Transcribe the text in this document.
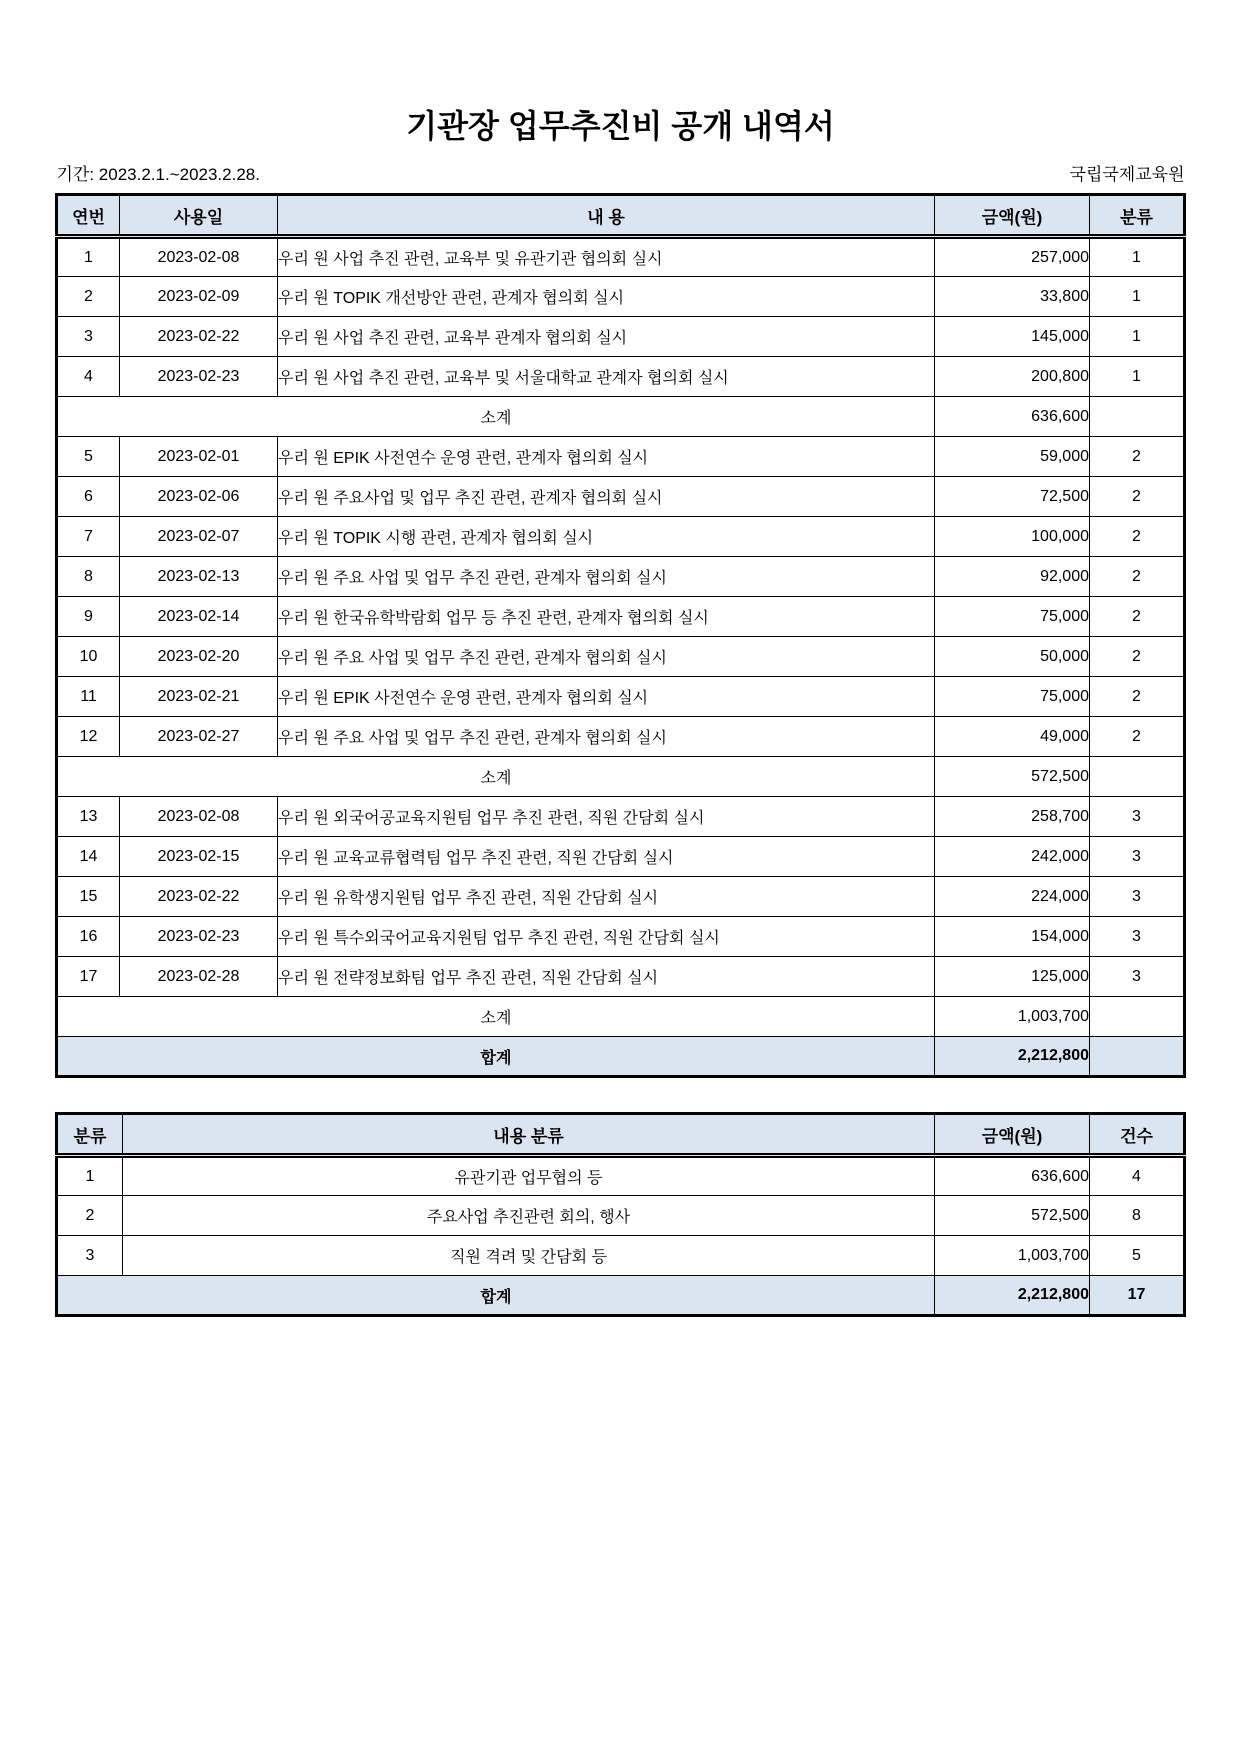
기관장 업무추진비 공개 내역서
기간: 2023.2.1.~2023.2.28.	국립국제교육원
연번	사용일	내 용	금액(원)	분류
1	2023-02-08	우리 원 사업 추진 관련, 교육부 및 유관기관 협의회 실시	257,000	1
2	2023-02-09	우리 원 TOPIK 개선방안 관련, 관계자 협의회 실시	33,800	1
3	2023-02-22	우리 원 사업 추진 관련, 교육부 관계자 협의회 실시	145,000	1
4	2023-02-23	우리 원 사업 추진 관련, 교육부 및 서울대학교 관계자 협의회 실시	200,800	1
소계			636,600	
5	2023-02-01	우리 원 EPIK 사전연수 운영 관련, 관계자 협의회 실시	59,000	2
6	2023-02-06	우리 원 주요사업 및 업무 추진 관련, 관계자 협의회 실시	72,500	2
7	2023-02-07	우리 원 TOPIK 시행 관련, 관계자 협의회 실시	100,000	2
8	2023-02-13	우리 원 주요 사업 및 업무 추진 관련, 관계자 협의회 실시	92,000	2
9	2023-02-14	우리 원 한국유학박람회 업무 등 추진 관련, 관계자 협의회 실시	75,000	2
10	2023-02-20	우리 원 주요 사업 및 업무 추진 관련, 관계자 협의회 실시	50,000	2
11	2023-02-21	우리 원 EPIK 사전연수 운영 관련, 관계자 협의회 실시	75,000	2
12	2023-02-27	우리 원 주요 사업 및 업무 추진 관련, 관계자 협의회 실시	49,000	2
소계			572,500	
13	2023-02-08	우리 원 외국어공교육지원팀 업무 추진 관련, 직원 간담회 실시	258,700	3
14	2023-02-15	우리 원 교육교류협력팀 업무 추진 관련, 직원 간담회 실시	242,000	3
15	2023-02-22	우리 원 유학생지원팀 업무 추진 관련, 직원 간담회 실시	224,000	3
16	2023-02-23	우리 원 특수외국어교육지원팀 업무 추진 관련, 직원 간담회 실시	154,000	3
17	2023-02-28	우리 원 전략정보화팀 업무 추진 관련, 직원 간담회 실시	125,000	3
소계			1,003,700	
합계			2,212,800	
분류	내용 분류	금액(원)	건수
1	유관기관 업무협의 등	636,600	4
2	주요사업 추진관련 회의, 행사	572,500	8
3	직원 격려 및 간담회 등	1,003,700	5
합계		2,212,800	17
